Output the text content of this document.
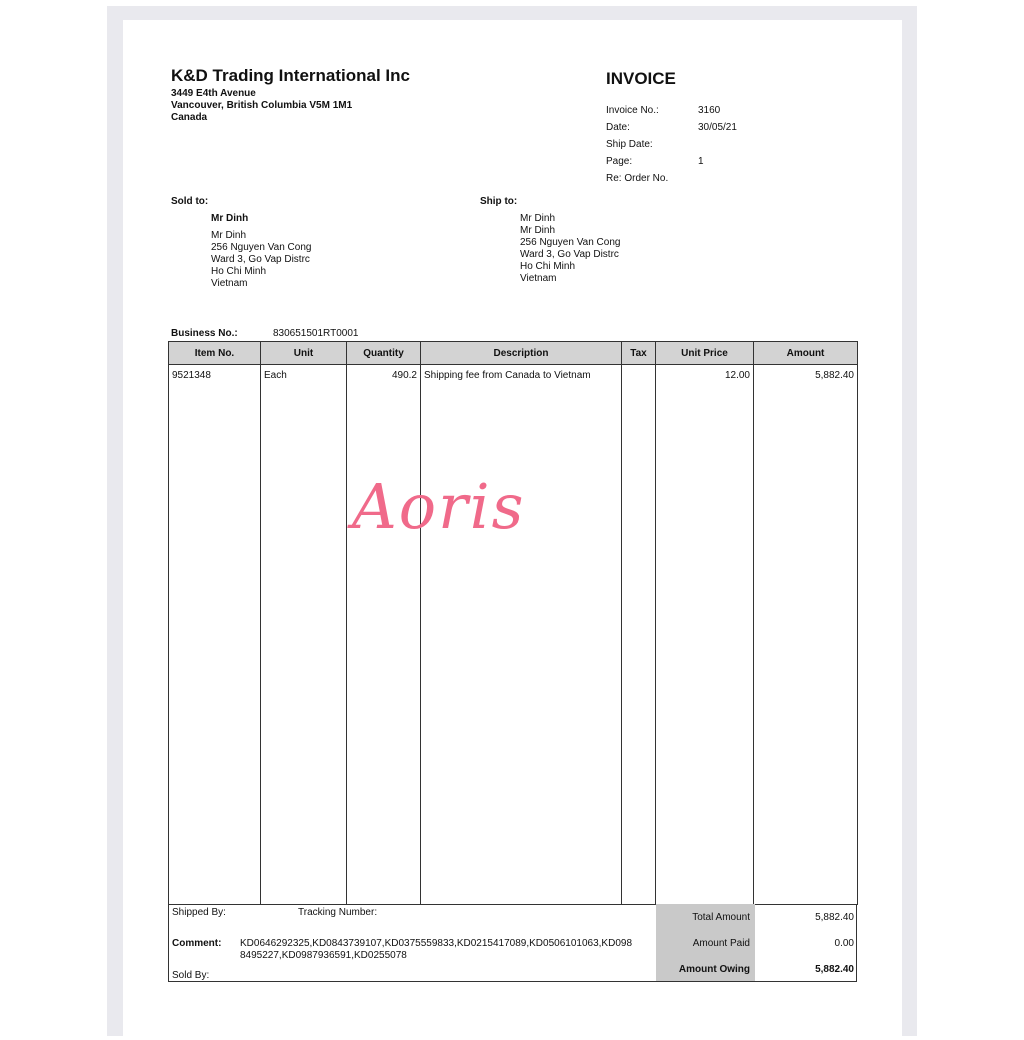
K&D Trading International Inc
3449 E4th Avenue
Vancouver, British Columbia V5M 1M1
Canada
INVOICE
Invoice No.:	3160
Date:	30/05/21
Ship Date:
Page:	1
Re: Order No.
Sold to:
Mr Dinh
Mr Dinh
256 Nguyen Van Cong
Ward 3, Go Vap Distrc
Ho Chi Minh
Vietnam
Ship to:
Mr Dinh
Mr Dinh
256 Nguyen Van Cong
Ward 3, Go Vap Distrc
Ho Chi Minh
Vietnam
Business No.:	830651501RT0001
Item No.	Unit	Quantity	Description	Tax	Unit Price	Amount
9521348	Each	490.2	Shipping fee from Canada to Vietnam		12.00	5,882.40

Aoris
Shipped By:	Tracking Number:
Comment: KD0646292325,KD0843739107,KD0375559833,KD0215417089,KD0506101063,KD098
8495227,KD0987936591,KD0255078
Sold By:
Total Amount	5,882.40
Amount Paid	0.00
Amount Owing	5,882.40
